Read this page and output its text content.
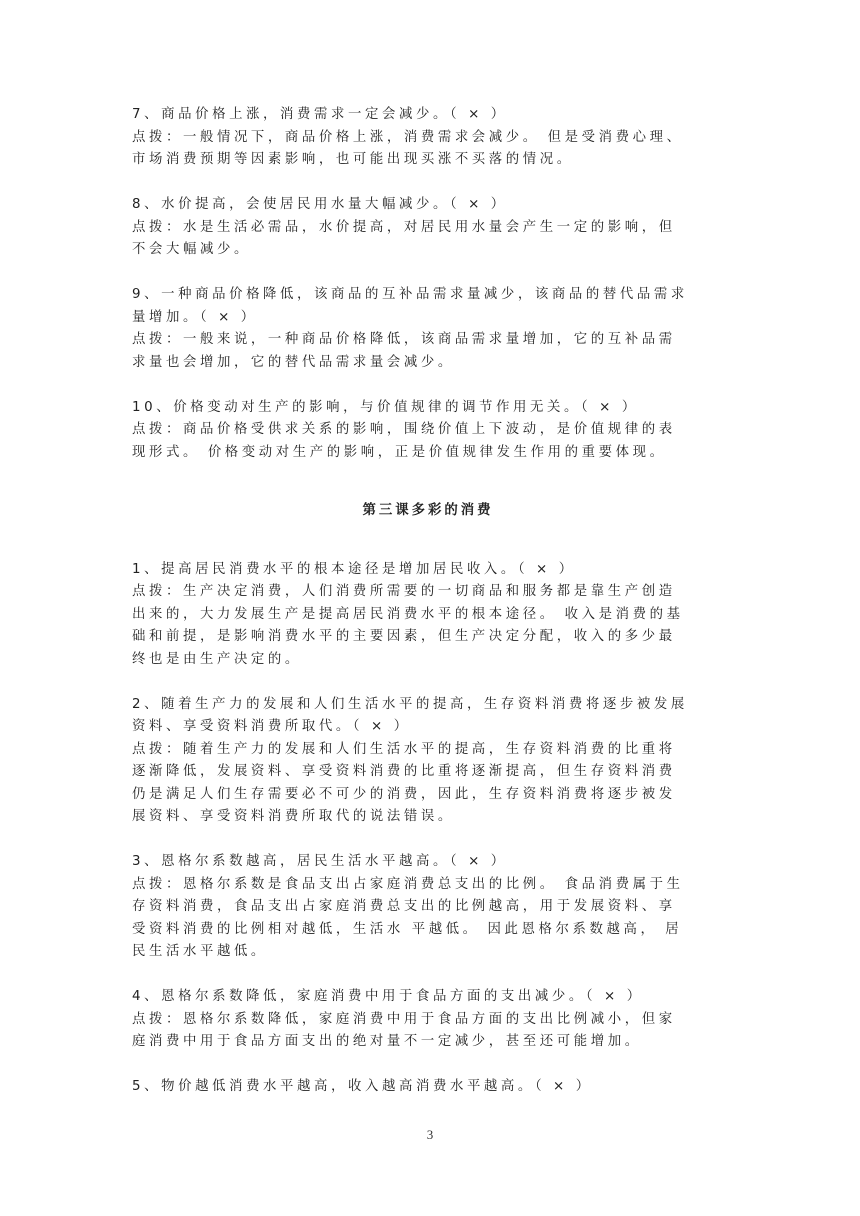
7、商品价格上涨，消费需求一定会减少。（ × ）
点拨：一般情况下，商品价格上涨，消费需求会减少。 但是受消费心理、
市场消费预期等因素影响，也可能出现买涨不买落的情况。
8、水价提高，会使居民用水量大幅减少。（ × ）
点拨：水是生活必需品，水价提高，对居民用水量会产生一定的影响，但
不会大幅减少。
9、一种商品价格降低，该商品的互补品需求量减少，该商品的替代品需求
量增加。（ × ）
点拨：一般来说，一种商品价格降低，该商品需求量增加，它的互补品需
求量也会增加，它的替代品需求量会减少。
10、价格变动对生产的影响，与价值规律的调节作用无关。（ × ）
点拨：商品价格受供求关系的影响，围绕价值上下波动，是价值规律的表
现形式。 价格变动对生产的影响，正是价值规律发生作用的重要体现。
第三课多彩的消费
1、提高居民消费水平的根本途径是增加居民收入。（ × ）
点拨：生产决定消费，人们消费所需要的一切商品和服务都是靠生产创造
出来的，大力发展生产是提高居民消费水平的根本途径。 收入是消费的基
础和前提，是影响消费水平的主要因素，但生产决定分配，收入的多少最
终也是由生产决定的。
2、随着生产力的发展和人们生活水平的提高，生存资料消费将逐步被发展
资料、享受资料消费所取代。（ × ）
点拨：随着生产力的发展和人们生活水平的提高，生存资料消费的比重将
逐渐降低，发展资料、享受资料消费的比重将逐渐提高，但生存资料消费
仍是满足人们生存需要必不可少的消费，因此，生存资料消费将逐步被发
展资料、享受资料消费所取代的说法错误。
3、恩格尔系数越高，居民生活水平越高。（ × ）
点拨：恩格尔系数是食品支出占家庭消费总支出的比例。 食品消费属于生
存资料消费，食品支出占家庭消费总支出的比例越高，用于发展资料、享
受资料消费的比例相对越低，生活水 平越低。 因此恩格尔系数越高， 居
民生活水平越低。
4、恩格尔系数降低，家庭消费中用于食品方面的支出减少。（ × ）
点拨：恩格尔系数降低，家庭消费中用于食品方面的支出比例减小，但家
庭消费中用于食品方面支出的绝对量不一定减少，甚至还可能增加。
5、物价越低消费水平越高，收入越高消费水平越高。（ × ）
3
